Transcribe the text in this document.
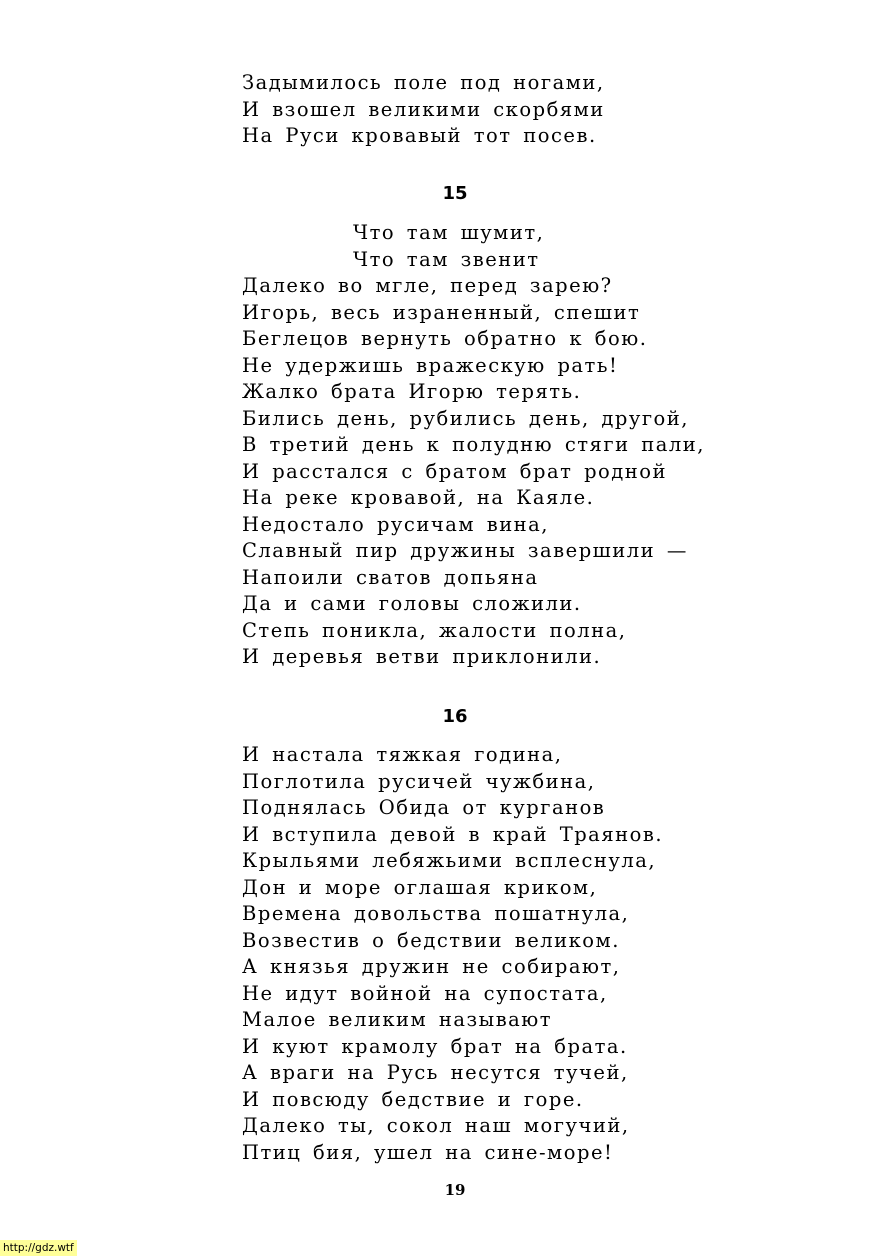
Задымилось поле под ногами,
И взошел великими скорбями
На Руси кровавый тот посев.
15
Что там шумит,
Что там звенит
Далеко во мгле, перед зарею?
Игорь, весь израненный, спешит
Беглецов вернуть обратно к бою.
Не удержишь вражескую рать!
Жалко брата Игорю терять.
Бились день, рубились день, другой,
В третий день к полудню стяги пали,
И расстался с братом брат родной
На реке кровавой, на Каяле.
Недостало русичам вина,
Славный пир дружины завершили —
Напоили сватов допьяна
Да и сами головы сложили.
Степь поникла, жалости полна,
И деревья ветви приклонили.
16
И настала тяжкая година,
Поглотила русичей чужбина,
Поднялась Обида от курганов
И вступила девой в край Траянов.
Крыльями лебяжьими всплеснула,
Дон и море оглашая криком,
Времена довольства пошатнула,
Возвестив о бедствии великом.
А князья дружин не собирают,
Не идут войной на супостата,
Малое великим называют
И куют крамолу брат на брата.
А враги на Русь несутся тучей,
И повсюду бедствие и горе.
Далеко ты, сокол наш могучий,
Птиц бия, ушел на сине-море!
19
http://gdz.wtf
